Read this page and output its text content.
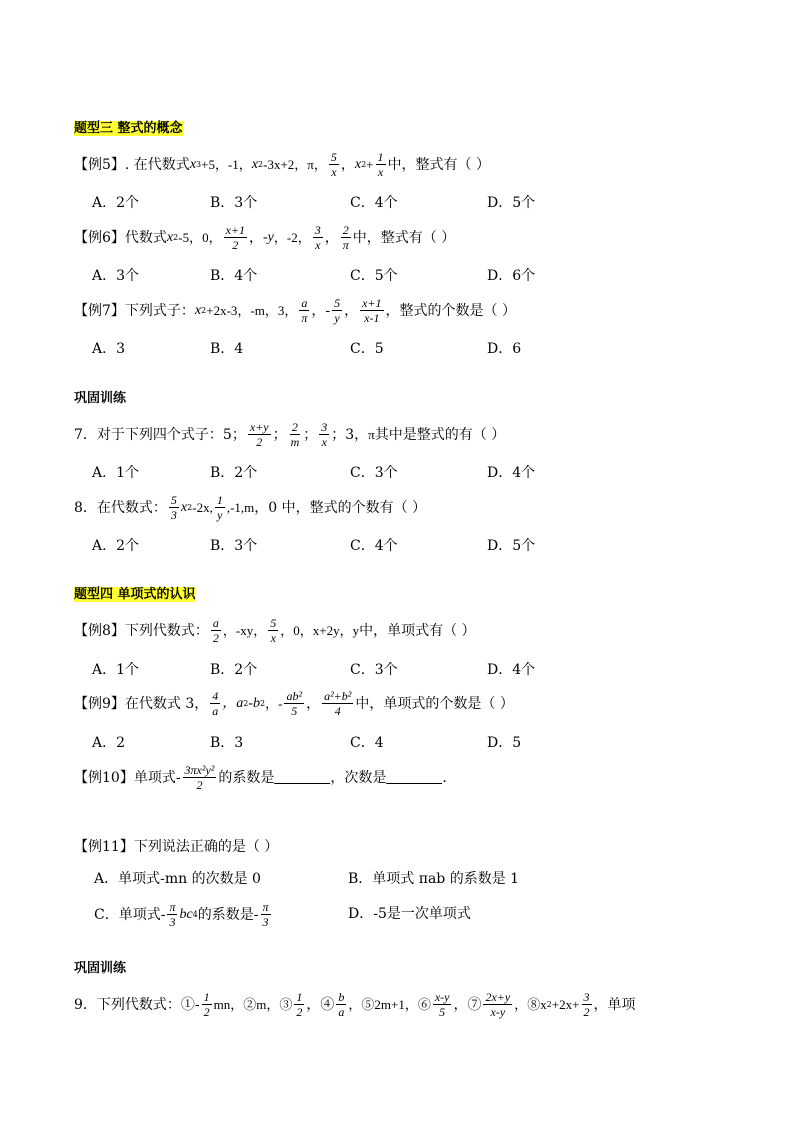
题型三 整式的概念
【例5】. 在代数式 x 3 +5，-1， x 2 -3x+2， π， $\frac{5}{x}$ ， x $2 + \frac{1}{x}$ 中，整式有（ ）
A．2个	B．3个	C．4个	D．5个
【例6】代数式 x 2 -5，0， $\frac{x+1}{2}$ ， -y ，-2， $\frac{3}{x}$ ， $\frac{2}{\pi}$ 中，整式有（ ）
A．3个	B．4个	C．5个	D．6个
【例7】下列式子： x 2 +2x-3，-m，3， $\frac{a}{\pi}$ ，- $\frac{5}{y}$ ， $\frac{x+1}{x-1}$ ，整式的个数是（ ）
A．3	B．4	C．5	D．6
巩固训练
7．对于下列四个式子：5； $\frac{x+y}{2}$ ； $\frac{2}{m}$ ； $\frac{3}{x}$ ；3， π 其中是整式的有（ ）
A．1个	B．2个	C．3个	D．4个
8．在代数式： $\frac{5}{3}$ x 2 -2x, $\frac{1}{y} ,-1,m$ ，0 中，整式的个数有（ ）
A．2个	B．3个	C．4个	D．5个
题型四 单项式的认识
【例8】下列代数式： $\frac{a}{2}$ ，-xy， $\frac{5}{x}$ ，0，x+2y，y 中，单项式有（ ）
A．1个	B．2个	C．3个	D．4个
【例9】在代数式 3， $\frac{4}{a}$ ，a 2 -b 2 ，- $\frac{\text{ab²}}{5}$ ， $\frac{\text{a²+b²}}{4}$ 中，单项式的个数是（ ）
A．2	B．3	C．4	D．5
【例10】单项式- $\frac{\text{3πx²y²}}{2}$ 的系数是	，次数是	.
【例11】下列说法正确的是（ ）
A．单项式-mn 的次数是 0	B．单项式 πab 的系数是 1
C．单项式- $\frac{\pi}{3}$ bc 4 的系数是- $\frac{\pi}{3}$	D．-5是一次单项式
巩固训练
9．下列代数式：①- $\frac{1}{2}$ mn，②m，③ $\frac{1}{2}$ ，④ $\frac{b}{a}$ ，⑤2m+1，⑥ $\frac{x-y}{5}$ ，⑦ $\frac{2x+y}{x-y}$ ，⑧x $2 +2x+ \frac{3}{2}$ ，单项
